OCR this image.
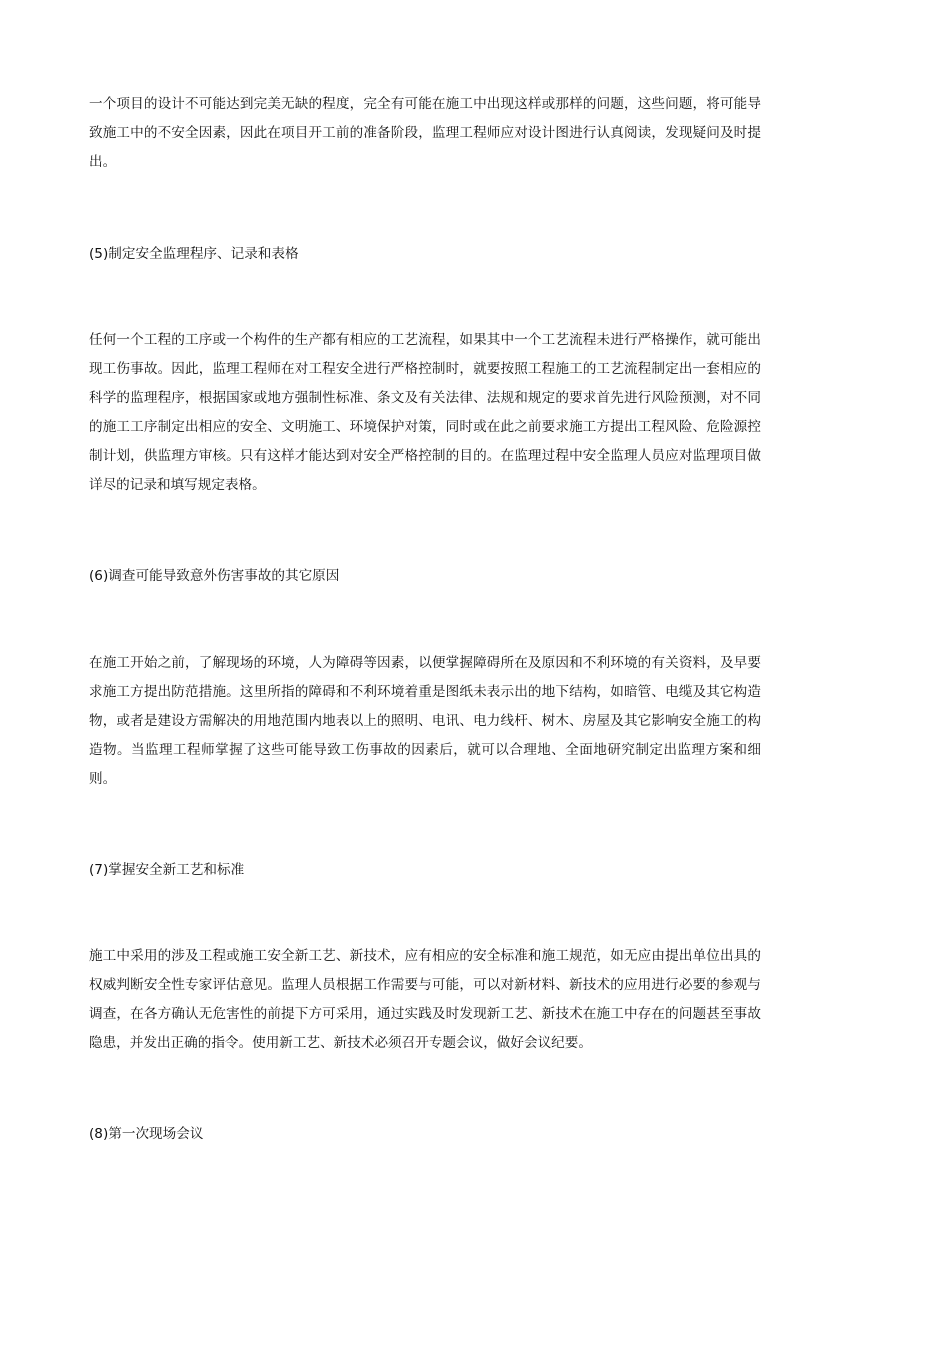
一个项目的设计不可能达到完美无缺的程度，完全有可能在施工中出现这样或那样的问题，这些问题，将可能导致施工中的不安全因素，因此在项目开工前的准备阶段，监理工程师应对设计图进行认真阅读，发现疑问及时提出。

(5)制定安全监理程序、记录和表格

任何一个工程的工序或一个构件的生产都有相应的工艺流程，如果其中一个工艺流程未进行严格操作，就可能出现工伤事故。因此，监理工程师在对工程安全进行严格控制时，就要按照工程施工的工艺流程制定出一套相应的科学的监理程序，根据国家或地方强制性标准、条文及有关法律、法规和规定的要求首先进行风险预测，对不同的施工工序制定出相应的安全、文明施工、环境保护对策，同时或在此之前要求施工方提出工程风险、危险源控制计划，供监理方审核。只有这样才能达到对安全严格控制的目的。在监理过程中安全监理人员应对监理项目做详尽的记录和填写规定表格。

(6)调查可能导致意外伤害事故的其它原因

在施工开始之前，了解现场的环境，人为障碍等因素，以便掌握障碍所在及原因和不利环境的有关资料，及早要求施工方提出防范措施。这里所指的障碍和不利环境着重是图纸未表示出的地下结构，如暗管、电缆及其它构造物，或者是建设方需解决的用地范围内地表以上的照明、电讯、电力线杆、树木、房屋及其它影响安全施工的构造物。当监理工程师掌握了这些可能导致工伤事故的因素后，就可以合理地、全面地研究制定出监理方案和细则。

(7)掌握安全新工艺和标准

施工中采用的涉及工程或施工安全新工艺、新技术，应有相应的安全标准和施工规范，如无应由提出单位出具的权威判断安全性专家评估意见。监理人员根据工作需要与可能，可以对新材料、新技术的应用进行必要的参观与调查，在各方确认无危害性的前提下方可采用，通过实践及时发现新工艺、新技术在施工中存在的问题甚至事故隐患，并发出正确的指令。使用新工艺、新技术必须召开专题会议，做好会议纪要。

(8)第一次现场会议
